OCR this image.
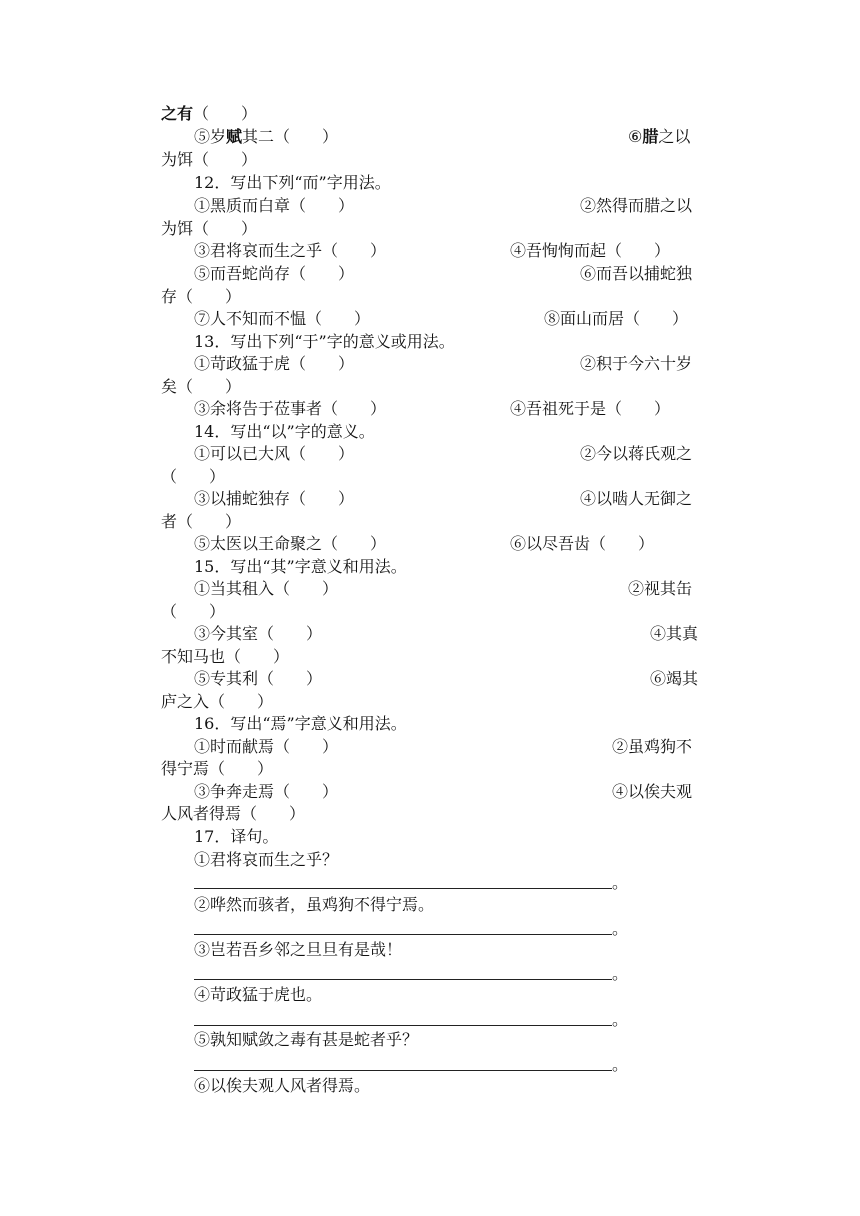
之有（　　）
⑤岁赋其二（　　）	⑥腊之以
为饵（　　）
12．写出下列“而”字用法。
①黑质而白章（　　）	②然得而腊之以
为饵（　　）
③君将哀而生之乎（　　）	④吾恂恂而起（　　）
⑤而吾蛇尚存（　　）	⑥而吾以捕蛇独
存（　　）
⑦人不知而不愠（　　）	⑧面山而居（　　）
13．写出下列“于”字的意义或用法。
①苛政猛于虎（　　）	②积于今六十岁
矣（　　）
③余将告于莅事者（　　）	④吾祖死于是（　　）
14．写出“以”字的意义。
①可以已大风（　　）	②今以蒋氏观之
（　　）
③以捕蛇独存（　　）	④以啮人无御之
者（　　）
⑤太医以王命聚之（　　）	⑥以尽吾齿（　　）
15．写出“其”字意义和用法。
①当其租入（　　）	②视其缶
（　　）
③今其室（　　）	④其真
不知马也（　　）
⑤专其利（　　）	⑥竭其
庐之入（　　）
16．写出“焉”字意义和用法。
①时而献焉（　　）	②虽鸡狗不
得宁焉（　　）
③争奔走焉（　　）	④以俟夫观
人风者得焉（　　）
17．译句。
①君将哀而生之乎？
。
②哗然而骇者，虽鸡狗不得宁焉。
。
③岂若吾乡邻之旦旦有是哉！
。
④苛政猛于虎也。
。
⑤孰知赋敛之毒有甚是蛇者乎？
。
⑥以俟夫观人风者得焉。
